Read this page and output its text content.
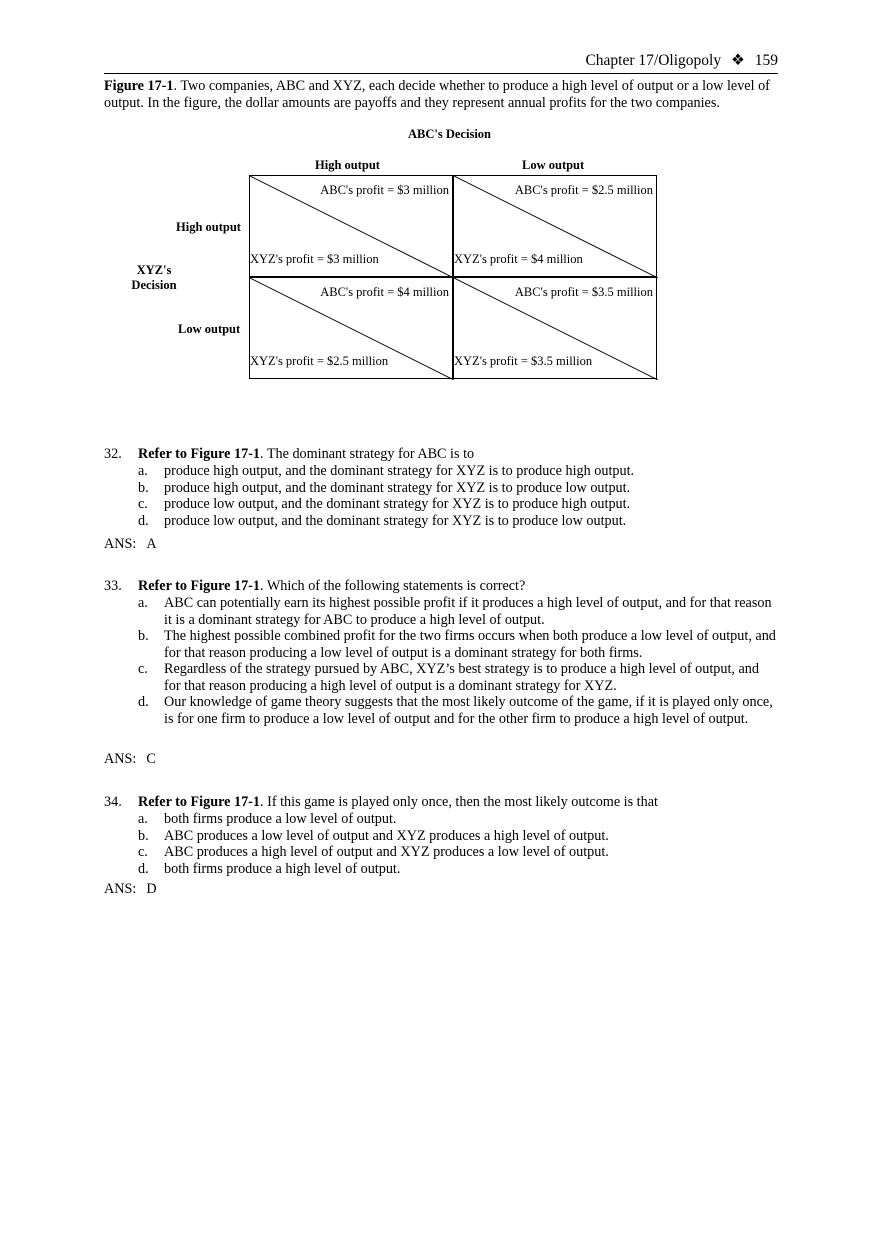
Chapter 17/Oligopoly ❖ 159
Figure 17-1. Two companies, ABC and XYZ, each decide whether to produce a high level of output or a low level of output. In the figure, the dollar amounts are payoffs and they represent annual profits for the two companies.
ABC's Decision
High output	Low output
High output
Low output
XYZ's
Decision
ABC's profit = $3 million
XYZ's profit = $3 million
ABC's profit = $2.5 million
XYZ's profit = $4 million
ABC's profit = $4 million
XYZ's profit = $2.5 million
ABC's profit = $3.5 million
XYZ's profit = $3.5 million
32. Refer to Figure 17-1. The dominant strategy for ABC is to
a. produce high output, and the dominant strategy for XYZ is to produce high output.
b. produce high output, and the dominant strategy for XYZ is to produce low output.
c. produce low output, and the dominant strategy for XYZ is to produce high output.
d. produce low output, and the dominant strategy for XYZ is to produce low output.
ANS: A
33. Refer to Figure 17-1. Which of the following statements is correct?
a. ABC can potentially earn its highest possible profit if it produces a high level of output, and for that reason it is a dominant strategy for ABC to produce a high level of output.
b. The highest possible combined profit for the two firms occurs when both produce a low level of output, and for that reason producing a low level of output is a dominant strategy for both firms.
c. Regardless of the strategy pursued by ABC, XYZ’s best strategy is to produce a high level of output, and for that reason producing a high level of output is a dominant strategy for XYZ.
d. Our knowledge of game theory suggests that the most likely outcome of the game, if it is played only once, is for one firm to produce a low level of output and for the other firm to produce a high level of output.
ANS: C
34. Refer to Figure 17-1. If this game is played only once, then the most likely outcome is that
a. both firms produce a low level of output.
b. ABC produces a low level of output and XYZ produces a high level of output.
c. ABC produces a high level of output and XYZ produces a low level of output.
d. both firms produce a high level of output.
ANS: D
